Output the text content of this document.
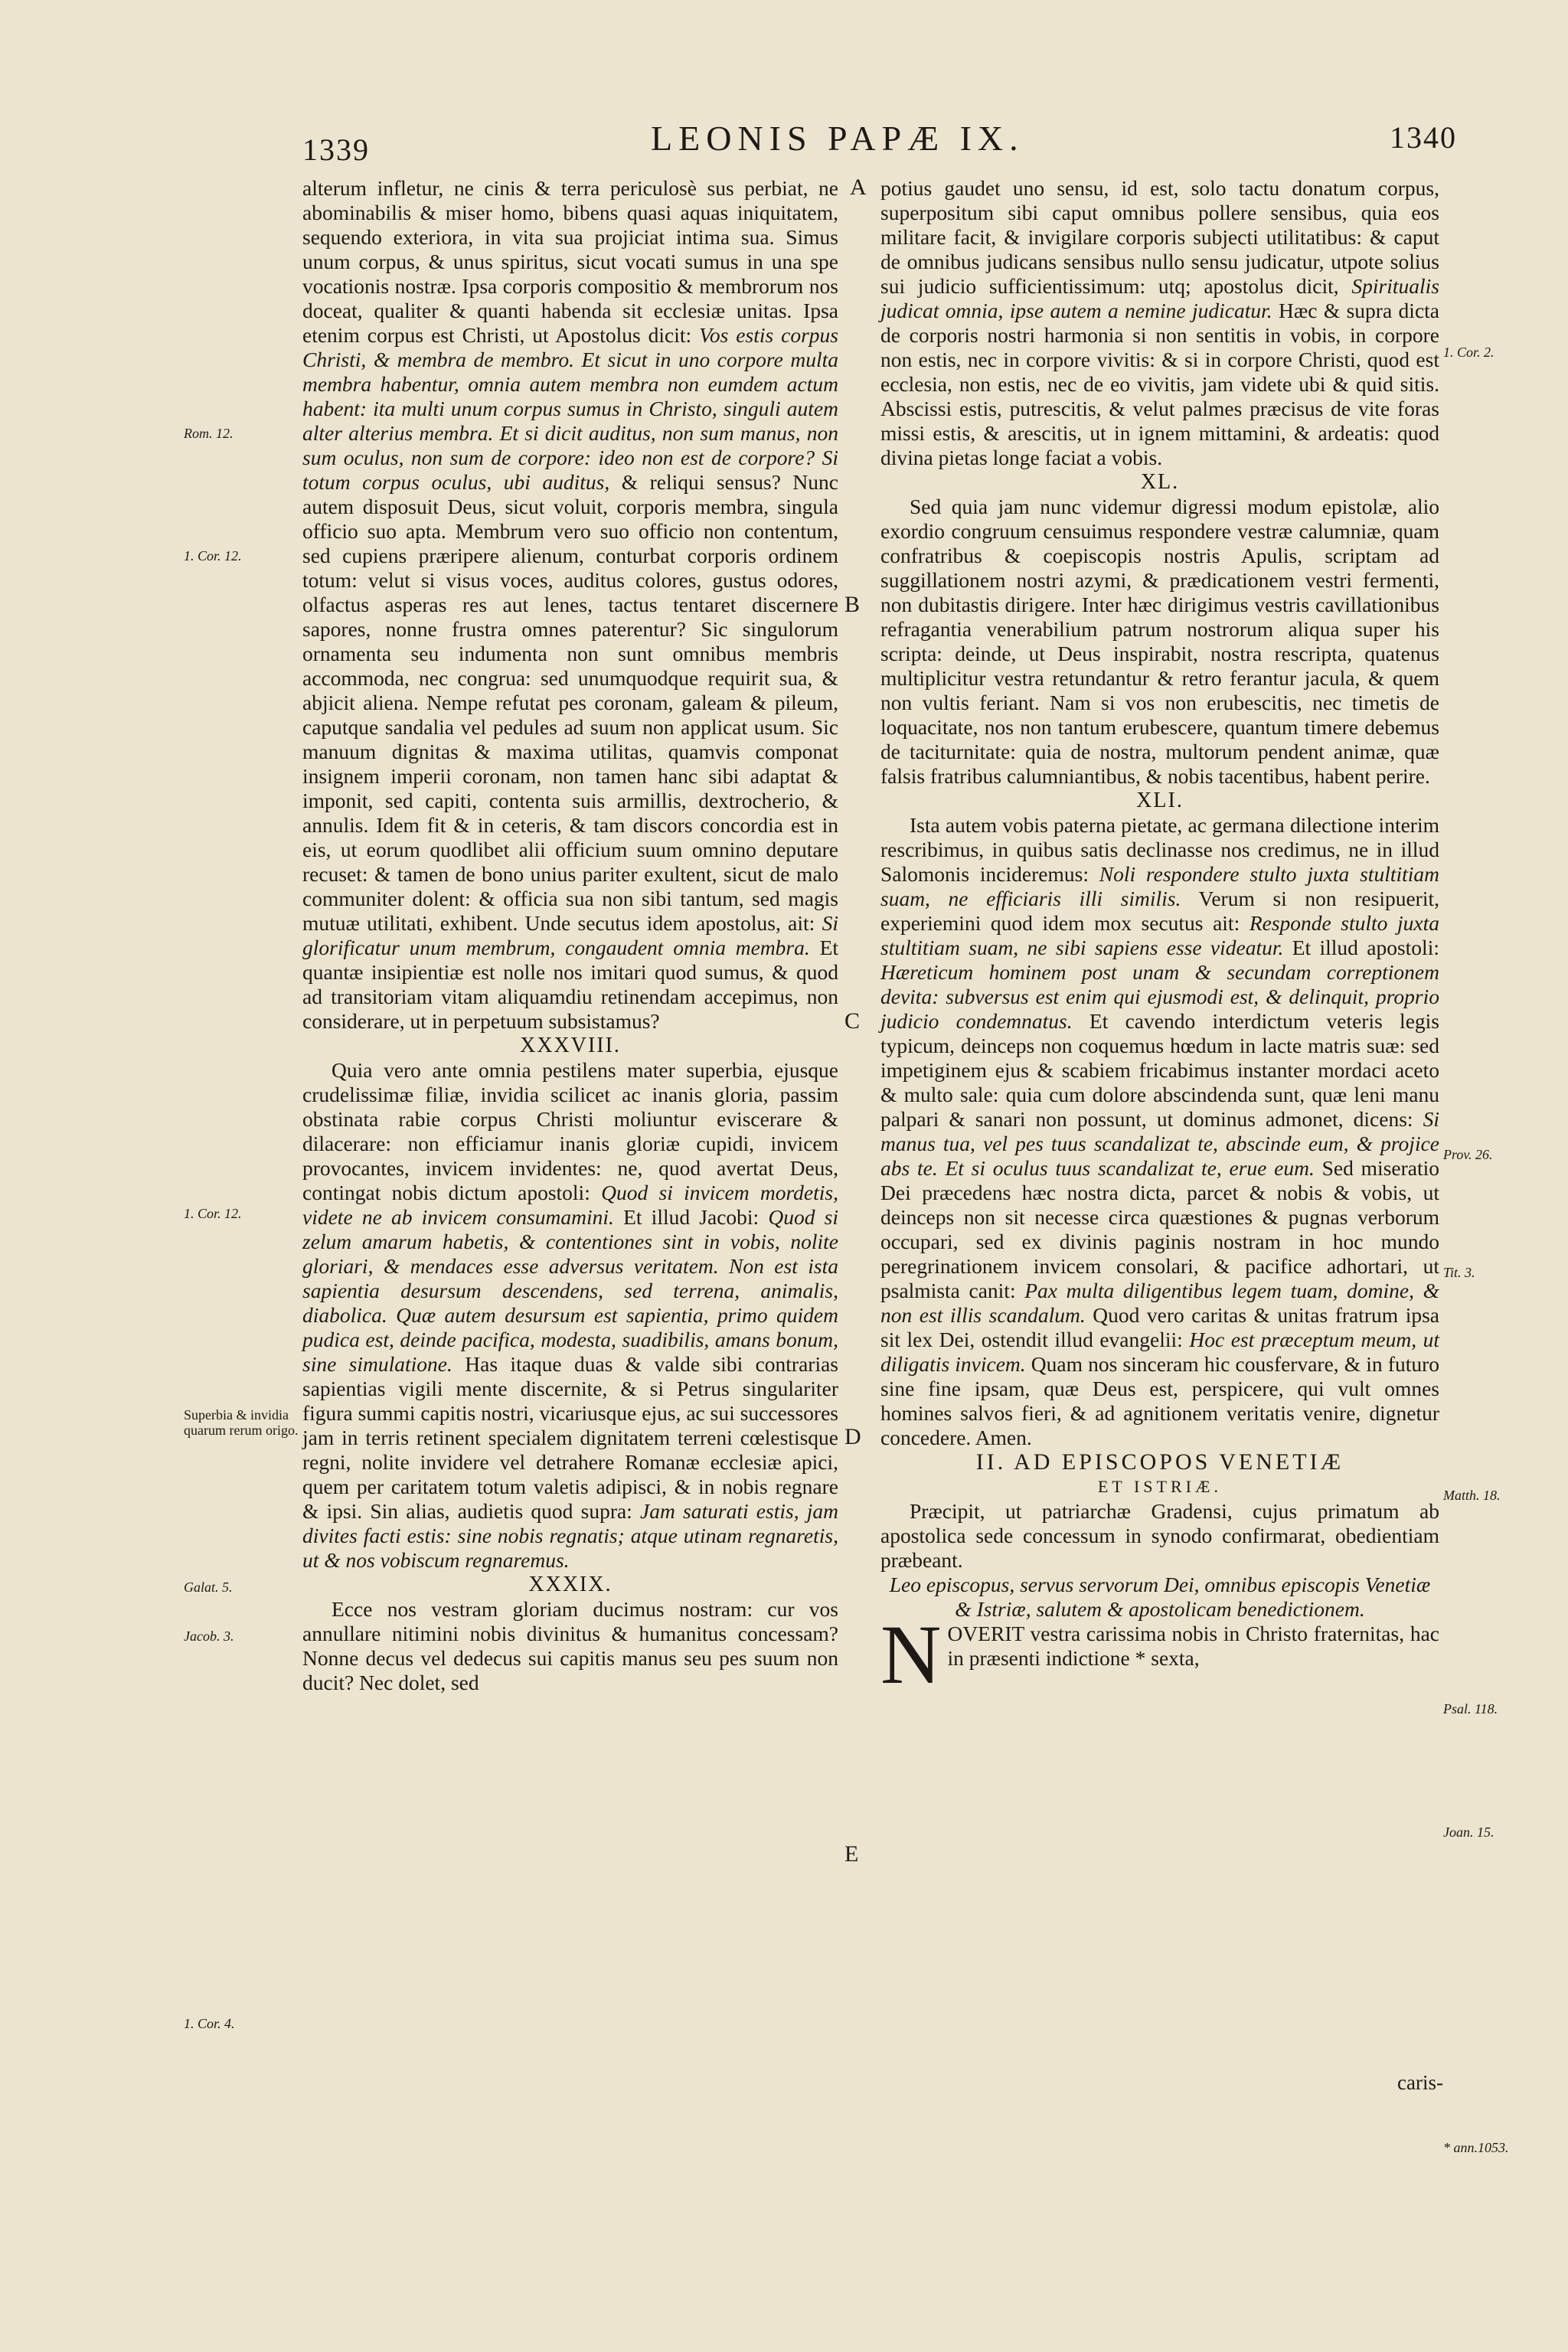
1339	LEONIS PAPÆ IX.	1340
A
B
C
D
E
Rom. 12.
1. Cor. 12.
1. Cor. 12.
Superbia & invidia quarum rerum origo.
Galat. 5.
Jacob. 3.
1. Cor. 4.
1. Cor. 2.
Prov. 26.
Tit. 3.
Matth. 18.
Psal. 118.
Joan. 15.
* ann.1053.

alterum infletur, ne cinis & terra periculosè sus perbiat, ne abominabilis & miser homo, bibens quasi aquas iniquitatem, sequendo exteriora, in vita sua projiciat intima sua. Simus unum corpus, & unus spiritus, sicut vocati sumus in una spe vocationis nostræ. Ipsa corporis compositio & membrorum nos doceat, qualiter & quanti habenda sit ecclesiæ unitas. Ipsa etenim corpus est Christi, ut Apostolus dicit: Vos estis corpus Christi, & membra de membro. Et sicut in uno corpore multa membra habentur, omnia autem membra non eumdem actum habent: ita multi unum corpus sumus in Christo, singuli autem alter alterius membra. Et si dicit auditus, non sum manus, non sum oculus, non sum de corpore: ideo non est de corpore? Si totum corpus oculus, ubi auditus, & reliqui sensus? Nunc autem disposuit Deus, sicut voluit, corporis membra, singula officio suo apta. Membrum vero suo officio non contentum, sed cupiens præripere alienum, conturbat corporis ordinem totum: velut si visus voces, auditus colores, gustus odores, olfactus asperas res aut lenes, tactus tentaret discernere sapores, nonne frustra omnes paterentur? Sic singulorum ornamenta seu indumenta non sunt omnibus membris accommoda, nec congrua: sed unumquodque requirit sua, & abjicit aliena. Nempe refutat pes coronam, galeam & pileum, caputque sandalia vel pedules ad suum non applicat usum. Sic manuum dignitas & maxima utilitas, quamvis componat insignem imperii coronam, non tamen hanc sibi adaptat & imponit, sed capiti, contenta suis armillis, dextrocherio, & annulis. Idem fit & in ceteris, & tam discors concordia est in eis, ut eorum quodlibet alii officium suum omnino deputare recuset: & tamen de bono unius pariter exultent, sicut de malo communiter dolent: & officia sua non sibi tantum, sed magis mutuæ utilitati, exhibent. Unde secutus idem apostolus, ait: Si glorificatur unum membrum, congaudent omnia membra. Et quantæ insipientiæ est nolle nos imitari quod sumus, & quod ad transitoriam vitam aliquamdiu retinendam accepimus, non considerare, ut in perpetuum subsistamus?

XXXVIII.

Quia vero ante omnia pestilens mater superbia, ejusque crudelissimæ filiæ, invidia scilicet ac inanis gloria, passim obstinata rabie corpus Christi moliuntur eviscerare & dilacerare: non efficiamur inanis gloriæ cupidi, invicem provocantes, invicem invidentes: ne, quod avertat Deus, contingat nobis dictum apostoli: Quod si invicem mordetis, videte ne ab invicem consumamini. Et illud Jacobi: Quod si zelum amarum habetis, & contentiones sint in vobis, nolite gloriari, & mendaces esse adversus veritatem. Non est ista sapientia desursum descendens, sed terrena, animalis, diabolica. Quæ autem desursum est sapientia, primo quidem pudica est, deinde pacifica, modesta, suadibilis, amans bonum, sine simulatione. Has itaque duas & valde sibi contrarias sapientias vigili mente discernite, & si Petrus singulariter figura summi capitis nostri, vicariusque ejus, ac sui successores jam in terris retinent specialem dignitatem terreni cœlestisque regni, nolite invidere vel detrahere Romanæ ecclesiæ apici, quem per caritatem totum valetis adipisci, & in nobis regnare & ipsi. Sin alias, audietis quod supra: Jam saturati estis, jam divites facti estis: sine nobis regnatis; atque utinam regnaretis, ut & nos vobiscum regnaremus.

XXXIX.

Ecce nos vestram gloriam ducimus nostram: cur vos annullare nitimini nobis divinitus & humanitus concessam? Nonne decus vel dedecus sui capitis manus seu pes suum non ducit? Nec dolet, sed

potius gaudet uno sensu, id est, solo tactu donatum corpus, superpositum sibi caput omnibus pollere sensibus, quia eos militare facit, & invigilare corporis subjecti utilitatibus: & caput de omnibus judicans sensibus nullo sensu judicatur, utpote solius sui judicio sufficientissimum: utq; apostolus dicit, Spiritualis judicat omnia, ipse autem a nemine judicatur. Hæc & supra dicta de corporis nostri harmonia si non sentitis in vobis, in corpore non estis, nec in corpore vivitis: & si in corpore Christi, quod est ecclesia, non estis, nec de eo vivitis, jam videte ubi & quid sitis. Abscissi estis, putrescitis, & velut palmes præcisus de vite foras missi estis, & arescitis, ut in ignem mittamini, & ardeatis: quod divina pietas longe faciat a vobis.

XL.

Sed quia jam nunc videmur digressi modum epistolæ, alio exordio congruum censuimus respondere vestræ calumniæ, quam confratribus & coepiscopis nostris Apulis, scriptam ad suggillationem nostri azymi, & prædicationem vestri fermenti, non dubitastis dirigere. Inter hæc dirigimus vestris cavillationibus refragantia venerabilium patrum nostrorum aliqua super his scripta: deinde, ut Deus inspirabit, nostra rescripta, quatenus multiplicitur vestra retundantur & retro ferantur jacula, & quem non vultis feriant. Nam si vos non erubescitis, nec timetis de loquacitate, nos non tantum erubescere, quantum timere debemus de taciturnitate: quia de nostra, multorum pendent animæ, quæ falsis fratribus calumniantibus, & nobis tacentibus, habent perire.

XLI.

Ista autem vobis paterna pietate, ac germana dilectione interim rescribimus, in quibus satis declinasse nos credimus, ne in illud Salomonis incideremus: Noli respondere stulto juxta stultitiam suam, ne efficiaris illi similis. Verum si non resipuerit, experiemini quod idem mox secutus ait: Responde stulto juxta stultitiam suam, ne sibi sapiens esse videatur. Et illud apostoli: Hæreticum hominem post unam & secundam correptionem devita: subversus est enim qui ejusmodi est, & delinquit, proprio judicio condemnatus. Et cavendo interdictum veteris legis typicum, deinceps non coquemus hœdum in lacte matris suæ: sed impetiginem ejus & scabiem fricabimus instanter mordaci aceto & multo sale: quia cum dolore abscindenda sunt, quæ leni manu palpari & sanari non possunt, ut dominus admonet, dicens: Si manus tua, vel pes tuus scandalizat te, abscinde eum, & projice abs te. Et si oculus tuus scandalizat te, erue eum. Sed miseratio Dei præcedens hæc nostra dicta, parcet & nobis & vobis, ut deinceps non sit necesse circa quæstiones & pugnas verborum occupari, sed ex divinis paginis nostram in hoc mundo peregrinationem invicem consolari, & pacifice adhortari, ut psalmista canit: Pax multa diligentibus legem tuam, domine, & non est illis scandalum. Quod vero caritas & unitas fratrum ipsa sit lex Dei, ostendit illud evangelii: Hoc est præceptum meum, ut diligatis invicem. Quam nos sinceram hic cousfervare, & in futuro sine fine ipsam, quæ Deus est, perspicere, qui vult omnes homines salvos fieri, & ad agnitionem veritatis venire, dignetur concedere. Amen.

II. AD EPISCOPOS VENETIÆ

ET ISTRIÆ.

Præcipit, ut patriarchæ Gradensi, cujus primatum ab apostolica sede concessum in synodo confirmarat, obedientiam præbeant.

Leo episcopus, servus servorum Dei, omnibus episcopis Venetiæ & Istriæ, salutem & apostolicam benedictionem.

N OVERIT vestra carissima nobis in Christo fraternitas, hac in præsenti indictione * sexta,

caris-
